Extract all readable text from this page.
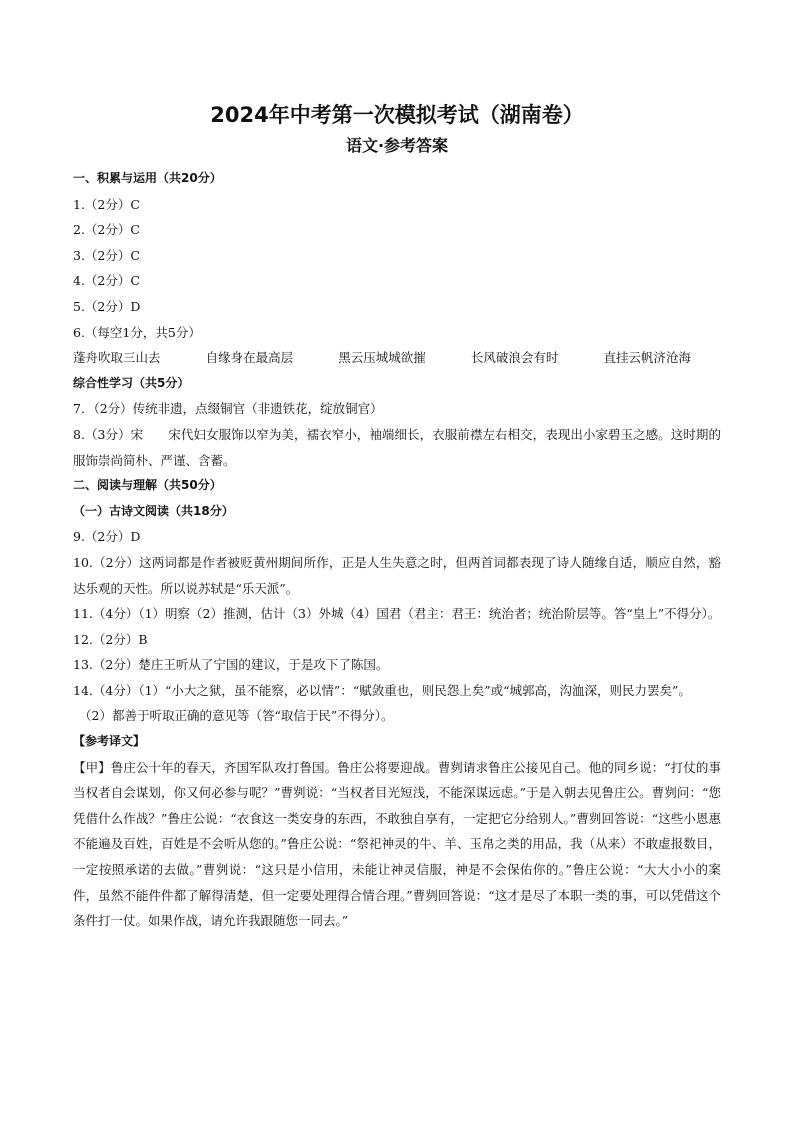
2024年中考第一次模拟考试（湖南卷）
语文·参考答案
一、积累与运用（共20分）
1.（2分）C
2.（2分）C
3.（2分）C
4.（2分）C
5.（2分）D
6.（每空1分，共5分）
蓬舟吹取三山去	自缘身在最高层	黑云压城城欲摧	长风破浪会有时	直挂云帆济沧海
综合性学习（共5分）
7．（2分）传统非遗，点缀铜官（非遗铁花，绽放铜官）
8.（3分）宋　　宋代妇女服饰以窄为美，襦衣窄小，袖端细长，衣服前襟左右相交，表现出小家碧玉之感。这时期的服饰崇尚简朴、严谨、含蓄。
二、阅读与理解（共50分）
（一）古诗文阅读（共18分）
9.（2分）D
10.（2分）这两词都是作者被贬黄州期间所作，正是人生失意之时，但两首词都表现了诗人随缘自适，顺应自然，豁达乐观的天性。所以说苏轼是“乐天派”。
11.（4分）（1）明察（2）推测，估计（3）外城（4）国君（君主：君王：统治者；统治阶层等。答“皇上”不得分）。
12.（2分）B
13.（2分）楚庄王听从了宁国的建议，于是攻下了陈国。
14.（4分）（1）“小大之狱，虽不能察，必以情”：“赋敛重也，则民怨上矣”或“城郭高，沟洫深，则民力罢矣”。
（2）都善于听取正确的意见等（答“取信于民”不得分）。
【参考译文】
【甲】鲁庄公十年的春天，齐国军队攻打鲁国。鲁庄公将要迎战。曹刿请求鲁庄公接见自己。他的同乡说：“打仗的事当权者自会谋划，你又何必参与呢？”曹刿说：“当权者目光短浅，不能深谋远虑。”于是入朝去见鲁庄公。曹刿问：“您凭借什么作战？”鲁庄公说：“衣食这一类安身的东西，不敢独自享有，一定把它分给别人。”曹刿回答说：“这些小恩惠不能遍及百姓，百姓是不会听从您的。”鲁庄公说：“祭祀神灵的牛、羊、玉帛之类的用品，我（从来）不敢虚报数目，一定按照承诺的去做。”曹刿说：“这只是小信用，未能让神灵信服，神是不会保佑你的。”鲁庄公说：“大大小小的案件，虽然不能件件都了解得清楚，但一定要处理得合情合理。”曹刿回答说：“这才是尽了本职一类的事，可以凭借这个条件打一仗。如果作战，请允许我跟随您一同去。”
